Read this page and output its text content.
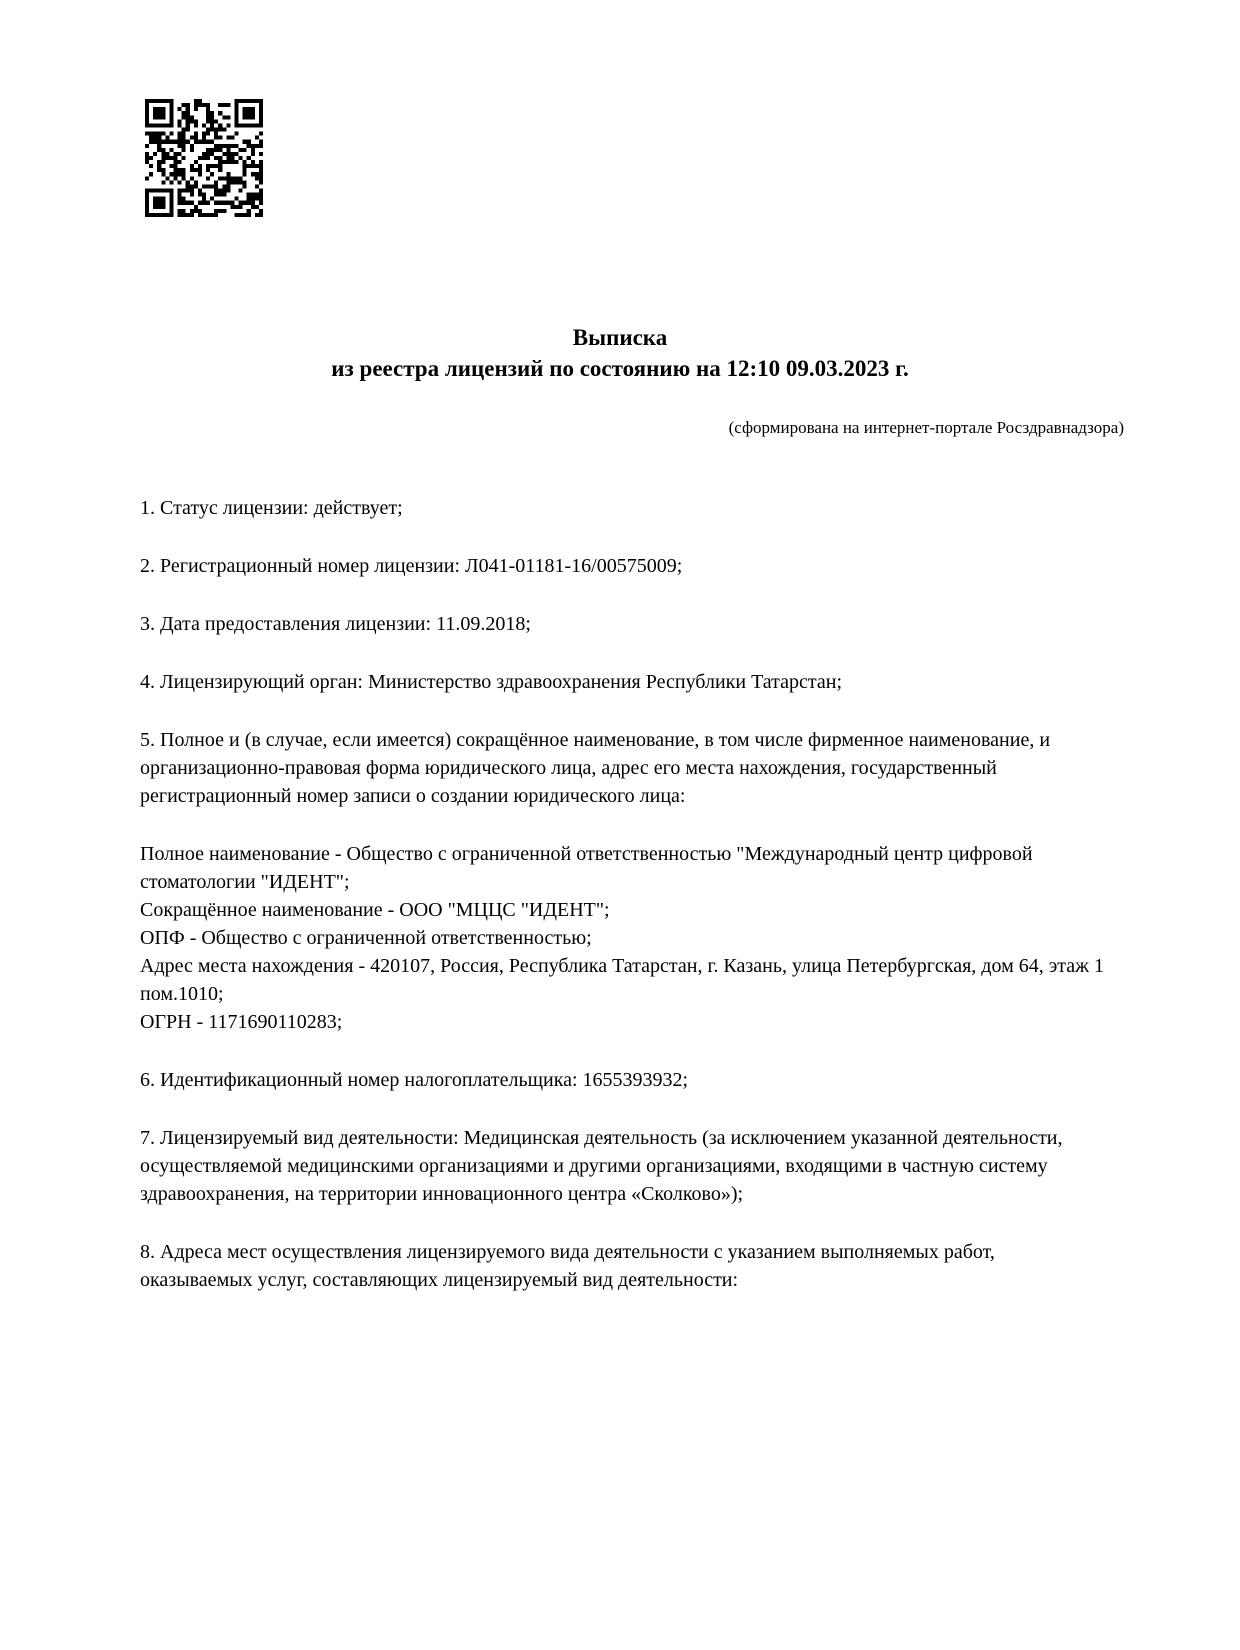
Выписка
из реестра лицензий по состоянию на 12:10 09.03.2023 г.
(сформирована на интернет-портале Росздравнадзора)

1. Статус лицензии: действует;

2. Регистрационный номер лицензии: Л041-01181-16/00575009;

3. Дата предоставления лицензии: 11.09.2018;

4. Лицензирующий орган: Министерство здравоохранения Республики Татарстан;

5. Полное и (в случае, если имеется) сокращённое наименование, в том числе фирменное наименование, и организационно-правовая форма юридического лица, адрес его места нахождения, государственный регистрационный номер записи о создании юридического лица:

Полное наименование - Общество с ограниченной ответственностью "Международный центр цифровой стоматологии "ИДЕНТ";
Сокращённое наименование - ООО "МЦЦС "ИДЕНТ";
ОПФ - Общество с ограниченной ответственностью;
Адрес места нахождения - 420107, Россия, Республика Татарстан, г. Казань, улица Петербургская, дом 64, этаж 1 пом.1010;
ОГРН - 1171690110283;

6. Идентификационный номер налогоплательщика: 1655393932;

7. Лицензируемый вид деятельности: Медицинская деятельность (за исключением указанной деятельности, осуществляемой медицинскими организациями и другими организациями, входящими в частную систему здравоохранения, на территории инновационного центра «Сколково»);

8. Адреса мест осуществления лицензируемого вида деятельности с указанием выполняемых работ, оказываемых услуг, составляющих лицензируемый вид деятельности:
